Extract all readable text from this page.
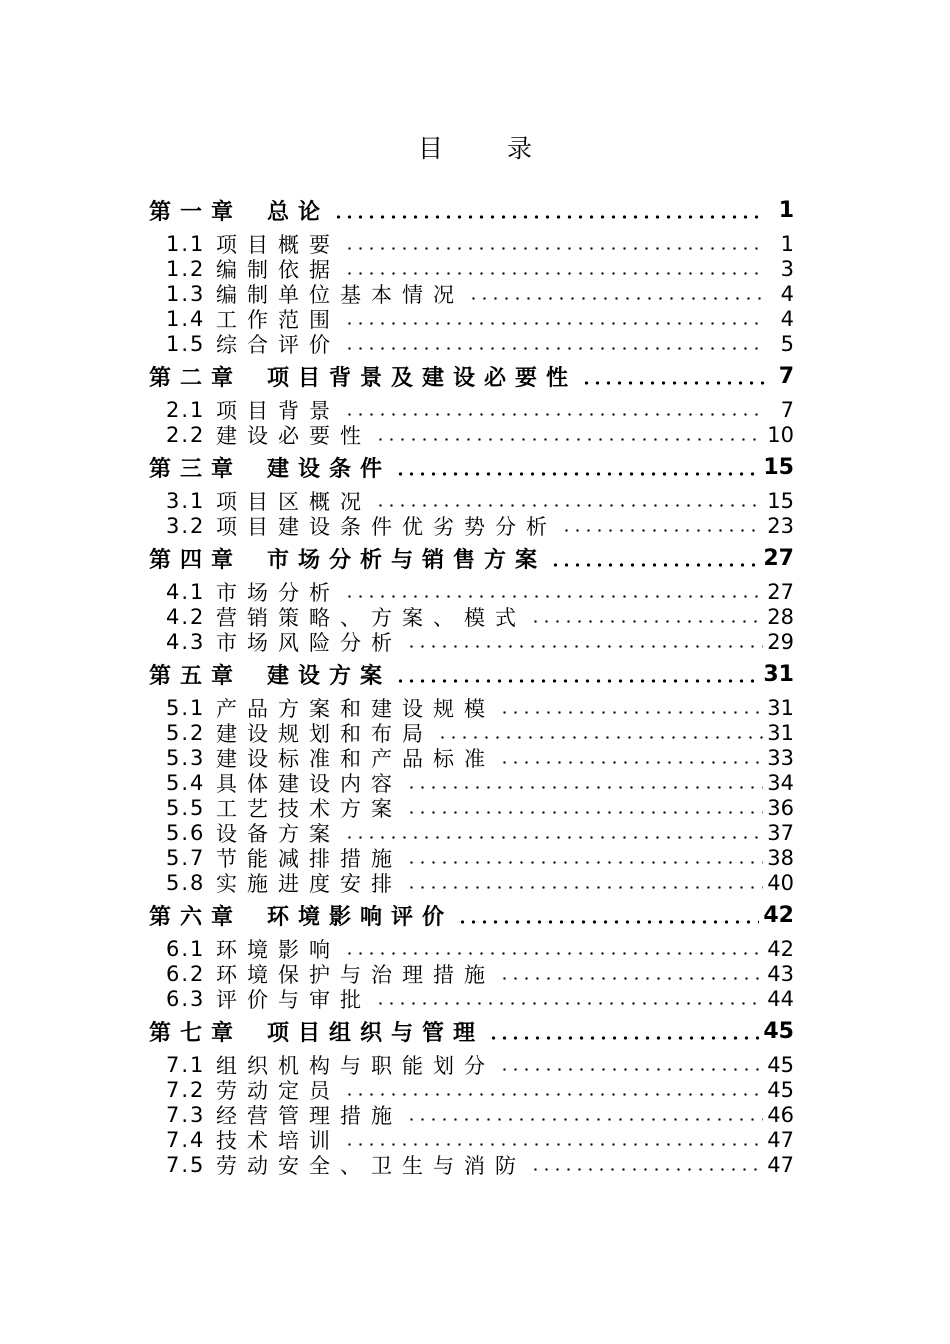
目 录
第一章	总论	1
1.1 项目概要	1
1.2 编制依据	3
1.3 编制单位基本情况	4
1.4 工作范围	4
1.5 综合评价	5
第二章	项目背景及建设必要性	7
2.1 项目背景	7
2.2 建设必要性	10
第三章	建设条件	15
3.1 项目区概况	15
3.2 项目建设条件优劣势分析	23
第四章	市场分析与销售方案	27
4.1 市场分析	27
4.2 营销策略、方案、模式	28
4.3 市场风险分析	29
第五章	建设方案	31
5.1 产品方案和建设规模	31
5.2 建设规划和布局	31
5.3 建设标准和产品标准	33
5.4 具体建设内容	34
5.5 工艺技术方案	36
5.6 设备方案	37
5.7 节能减排措施	38
5.8 实施进度安排	40
第六章	环境影响评价	42
6.1 环境影响	42
6.2 环境保护与治理措施	43
6.3 评价与审批	44
第七章	项目组织与管理	45
7.1 组织机构与职能划分	45
7.2 劳动定员	45
7.3 经营管理措施	46
7.4 技术培训	47
7.5 劳动安全、卫生与消防	47
